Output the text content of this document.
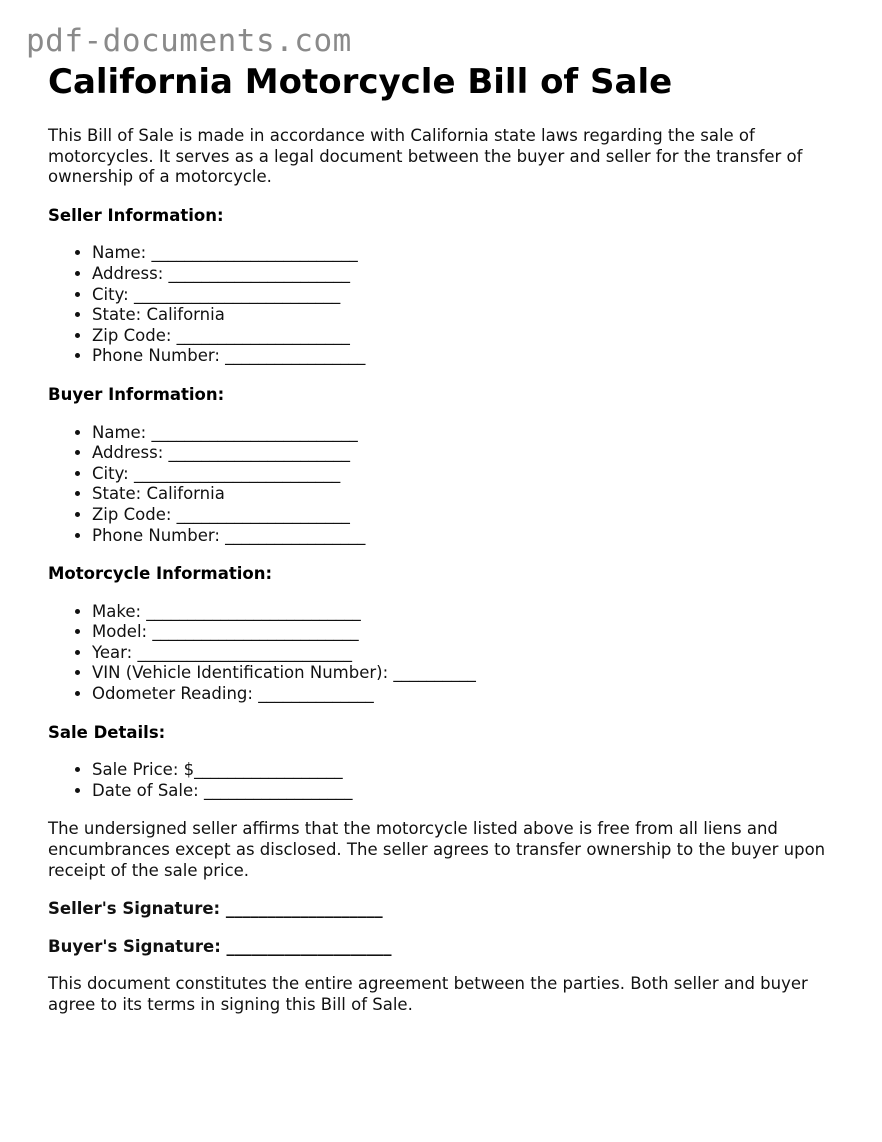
pdf-documents.com
California Motorcycle Bill of Sale

This Bill of Sale is made in accordance with California state laws regarding the sale of motorcycles. It serves as a legal document between the buyer and seller for the transfer of ownership of a motorcycle.

Seller Information:
• Name: _________________________
• Address: ______________________
• City: _________________________
• State: California
• Zip Code: _____________________
• Phone Number: _________________
Buyer Information:
• Name: _________________________
• Address: ______________________
• City: _________________________
• State: California
• Zip Code: _____________________
• Phone Number: _________________
Motorcycle Information:
• Make: __________________________
• Model: _________________________
• Year: __________________________
• VIN (Vehicle Identification Number): __________
• Odometer Reading: ______________
Sale Details:
• Sale Price: $__________________
• Date of Sale: __________________

The undersigned seller affirms that the motorcycle listed above is free from all liens and encumbrances except as disclosed. The seller agrees to transfer ownership to the buyer upon receipt of the sale price.

Seller's Signature: ___________________
Buyer's Signature: ____________________

This document constitutes the entire agreement between the parties. Both seller and buyer agree to its terms in signing this Bill of Sale.
